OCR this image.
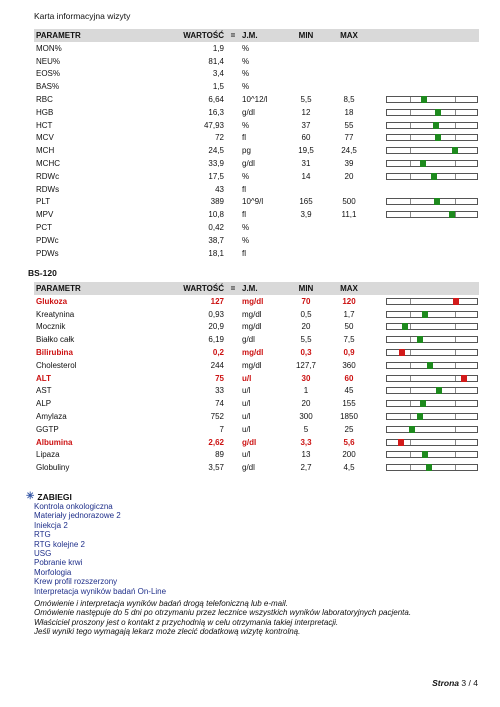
Karta informacyjna wizyty
PARAMETR	WARTOŚĆ	=	J.M.	MIN	MAX		
MON%	1,9		%				
NEU%	81,4		%				
EOS%	3,4		%				
BAS%	1,5		%				
RBC	6,64		10^12/l	5,5	8,5		

HGB	16,3		g/dl	12	18		

HCT	47,93		%	37	55		

MCV	72		fl	60	77		

MCH	24,5		pg	19,5	24,5		

MCHC	33,9		g/dl	31	39		

RDWc	17,5		%	14	20		

RDWs	43		fl				
PLT	389		10^9/l	165	500		

MPV	10,8		fl	3,9	11,1		

PCT	0,42		%				
PDWc	38,7		%				
PDWs	18,1		fl				
BS-120
PARAMETR	WARTOŚĆ	=	J.M.	MIN	MAX		
Glukoza	127		mg/dl	70	120		

Kreatynina	0,93		mg/dl	0,5	1,7		

Mocznik	20,9		mg/dl	20	50		

Białko całk	6,19		g/dl	5,5	7,5		

Bilirubina	0,2		mg/dl	0,3	0,9		

Cholesterol	244		mg/dl	127,7	360		

ALT	75		u/l	30	60		

AST	33		u/l	1	45		

ALP	74		u/l	20	155		

Amylaza	752		u/l	300	1850		

GGTP	7		u/l	5	25		

Albumina	2,62		g/dl	3,3	5,6		

Lipaza	89		u/l	13	200		

Globuliny	3,57		g/dl	2,7	4,5		
✳ ZABIEGI
Kontrola onkologiczna
Materiały jednorazowe 2
Iniekcja 2
RTG
RTG kolejne 2
USG
Pobranie krwi
Morfologia
Krew profil rozszerzony
Interpretacja wyników badań On-Line
Omówienie i interpretacja wyników badań drogą telefoniczną lub e-mail.
Omówienie następuje do 5 dni po otrzymaniu przez lecznice wszystkich wyników laboratoryjnych pacjenta.
Właściciel proszony jest o kontakt z przychodnią w celu otrzymania takiej interpretacji.
Jeśli wyniki tego wymagają lekarz może zlecić dodatkową wizytę kontrolną.
Strona 3 / 4
